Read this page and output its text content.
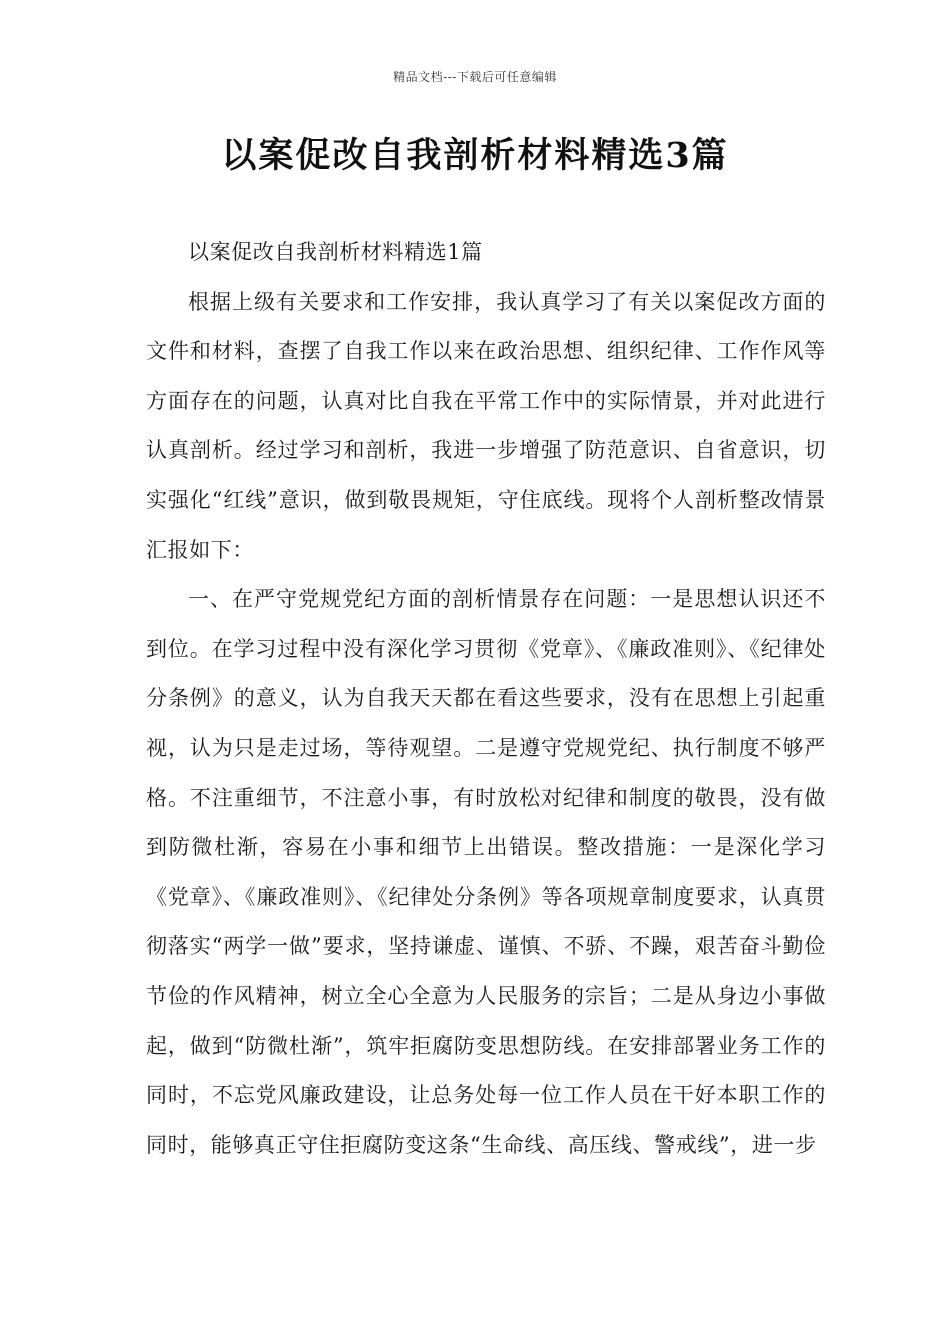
精品文档---下载后可任意编辑
以案促改自我剖析材料精选3篇

以案促改自我剖析材料精选1篇

根据上级有关要求和工作安排，我认真学习了有关以案促改方面的文件和材料，查摆了自我工作以来在政治思想、组织纪律、工作作风等方面存在的问题，认真对比自我在平常工作中的实际情景，并对此进行认真剖析。经过学习和剖析，我进一步增强了防范意识、自省意识，切实强化“红线”意识，做到敬畏规矩，守住底线。现将个人剖析整改情景汇报如下：

一、在严守党规党纪方面的剖析情景存在问题：一是思想认识还不到位。在学习过程中没有深化学习贯彻《党章》、《廉政准则》、《纪律处分条例》的意义，认为自我天天都在看这些要求，没有在思想上引起重视，认为只是走过场，等待观望。二是遵守党规党纪、执行制度不够严格。不注重细节，不注意小事，有时放松对纪律和制度的敬畏，没有做到防微杜渐，容易在小事和细节上出错误。整改措施：一是深化学习《党章》、《廉政准则》、《纪律处分条例》等各项规章制度要求，认真贯彻落实“两学一做”要求，坚持谦虚、谨慎、不骄、不躁，艰苦奋斗勤俭节俭的作风精神，树立全心全意为人民服务的宗旨；二是从身边小事做起，做到“防微杜渐”，筑牢拒腐防变思想防线。在安排部署业务工作的同时，不忘党风廉政建设，让总务处每一位工作人员在干好本职工作的同时，能够真正守住拒腐防变这条“生命线、高压线、警戒线”，进一步
